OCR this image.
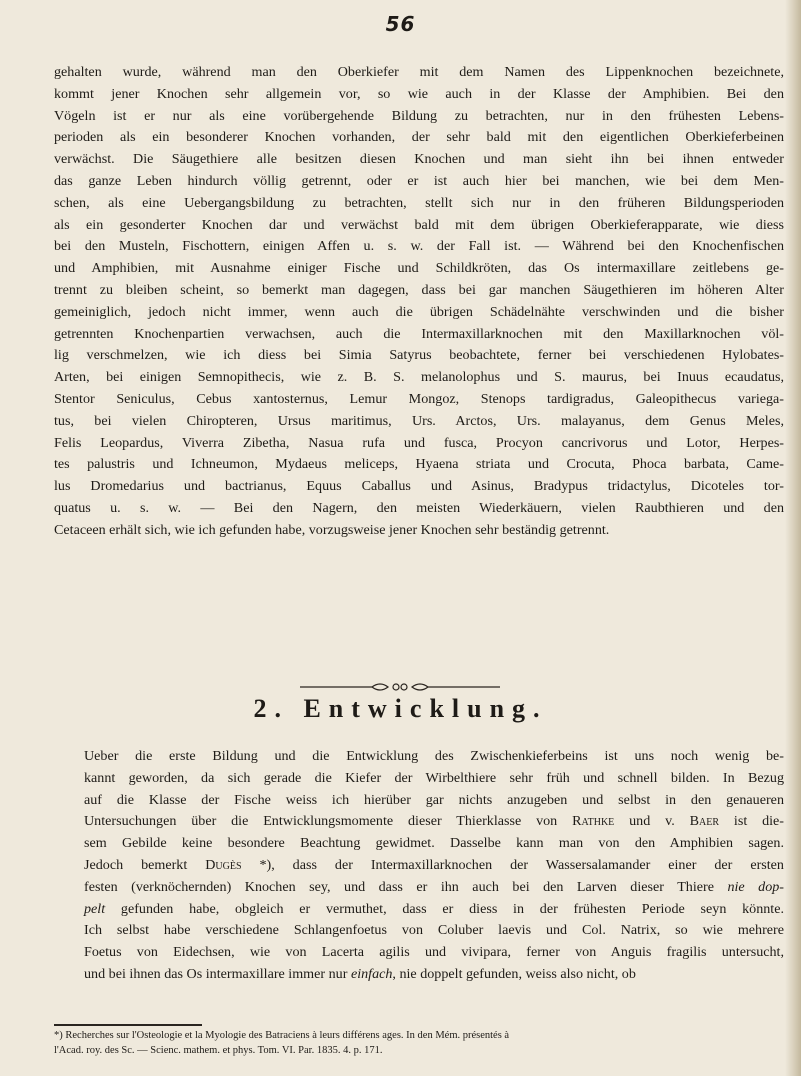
56
gehalten wurde, während man den Oberkiefer mit dem Namen des Lippenknochen bezeichnete,
kommt jener Knochen sehr allgemein vor, so wie auch in der Klasse der Amphibien. Bei den
Vögeln ist er nur als eine vorübergehende Bildung zu betrachten, nur in den frühesten Lebens-
perioden als ein besonderer Knochen vorhanden, der sehr bald mit den eigentlichen Oberkieferbeinen
verwächst. Die Säugethiere alle besitzen diesen Knochen und man sieht ihn bei ihnen entweder
das ganze Leben hindurch völlig getrennt, oder er ist auch hier bei manchen, wie bei dem Men-
schen, als eine Uebergangsbildung zu betrachten, stellt sich nur in den früheren Bildungsperioden
als ein gesonderter Knochen dar und verwächst bald mit dem übrigen Oberkieferapparate, wie diess
bei den Musteln, Fischottern, einigen Affen u. s. w. der Fall ist. — Während bei den Knochenfischen
und Amphibien, mit Ausnahme einiger Fische und Schildkröten, das Os intermaxillare zeitlebens ge-
trennt zu bleiben scheint, so bemerkt man dagegen, dass bei gar manchen Säugethieren im höheren Alter
gemeiniglich, jedoch nicht immer, wenn auch die übrigen Schädelnähte verschwinden und die bisher
getrennten Knochenpartien verwachsen, auch die Intermaxillarknochen mit den Maxillarknochen völ-
lig verschmelzen, wie ich diess bei Simia Satyrus beobachtete, ferner bei verschiedenen Hylobates-
Arten, bei einigen Semnopithecis, wie z. B. S. melanolophus und S. maurus, bei Inuus ecaudatus,
Stentor Seniculus, Cebus xantosternus, Lemur Mongoz, Stenops tardigradus, Galeopithecus variega-
tus, bei vielen Chiropteren, Ursus maritimus, Urs. Arctos, Urs. malayanus, dem Genus Meles,
Felis Leopardus, Viverra Zibetha, Nasua rufa und fusca, Procyon cancrivorus und Lotor, Herpes-
tes palustris und Ichneumon, Mydaeus meliceps, Hyaena striata und Crocuta, Phoca barbata, Came-
lus Dromedarius und bactrianus, Equus Caballus und Asinus, Bradypus tridactylus, Dicoteles tor-
quatus u. s. w. — Bei den Nagern, den meisten Wiederkäuern, vielen Raubthieren und den
Cetaceen erhält sich, wie ich gefunden habe, vorzugsweise jener Knochen sehr beständig getrennt.
2. Entwicklung.
Ueber die erste Bildung und die Entwicklung des Zwischenkieferbeins ist uns noch wenig be-
kannt geworden, da sich gerade die Kiefer der Wirbelthiere sehr früh und schnell bilden. In Bezug
auf die Klasse der Fische weiss ich hierüber gar nichts anzugeben und selbst in den genaueren
Untersuchungen über die Entwicklungsmomente dieser Thierklasse von Rathke und v. Baer ist die-
sem Gebilde keine besondere Beachtung gewidmet. Dasselbe kann man von den Amphibien sagen.
Jedoch bemerkt Dugès *), dass der Intermaxillarknochen der Wassersalamander einer der ersten
festen (verknöchernden) Knochen sey, und dass er ihn auch bei den Larven dieser Thiere nie dop-
pelt gefunden habe, obgleich er vermuthet, dass er diess in der frühesten Periode seyn könnte.
Ich selbst habe verschiedene Schlangenfoetus von Coluber laevis und Col. Natrix, so wie mehrere
Foetus von Eidechsen, wie von Lacerta agilis und vivipara, ferner von Anguis fragilis untersucht,
und bei ihnen das Os intermaxillare immer nur einfach, nie doppelt gefunden, weiss also nicht, ob
*) Recherches sur l'Osteologie et la Myologie des Batraciens à leurs différens ages. In den Mém. présentés à
l'Acad. roy. des Sc. — Scienc. mathem. et phys. Tom. VI. Par. 1835. 4. p. 171.
